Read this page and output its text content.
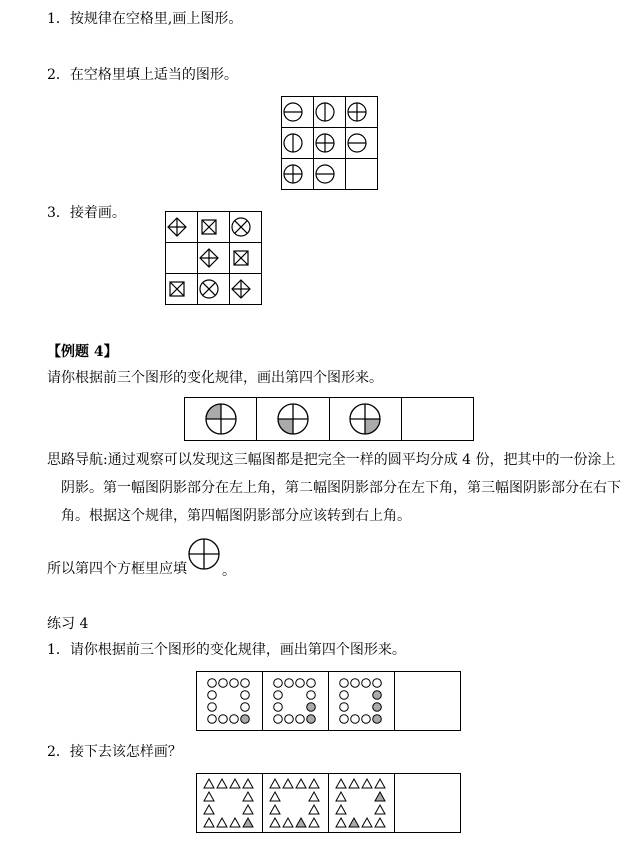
1．按规律在空格里,画上图形。
2．在空格里填上适当的图形。

3．接着画。

【例题 4】
请你根据前三个图形的变化规律，画出第四个图形来。
思路导航:通过观察可以发现这三幅图都是把完全一样的圆平均分成 4 份，把其中的一份涂上
阴影。第一幅图阴影部分在左上角，第二幅图阴影部分在左下角，第三幅图阴影部分在右下
角。根据这个规律，第四幅图阴影部分应该转到右上角。
所以第四个方框里应填	。
练习 4
1．请你根据前三个图形的变化规律，画出第四个图形来。
2．接下去该怎样画？
